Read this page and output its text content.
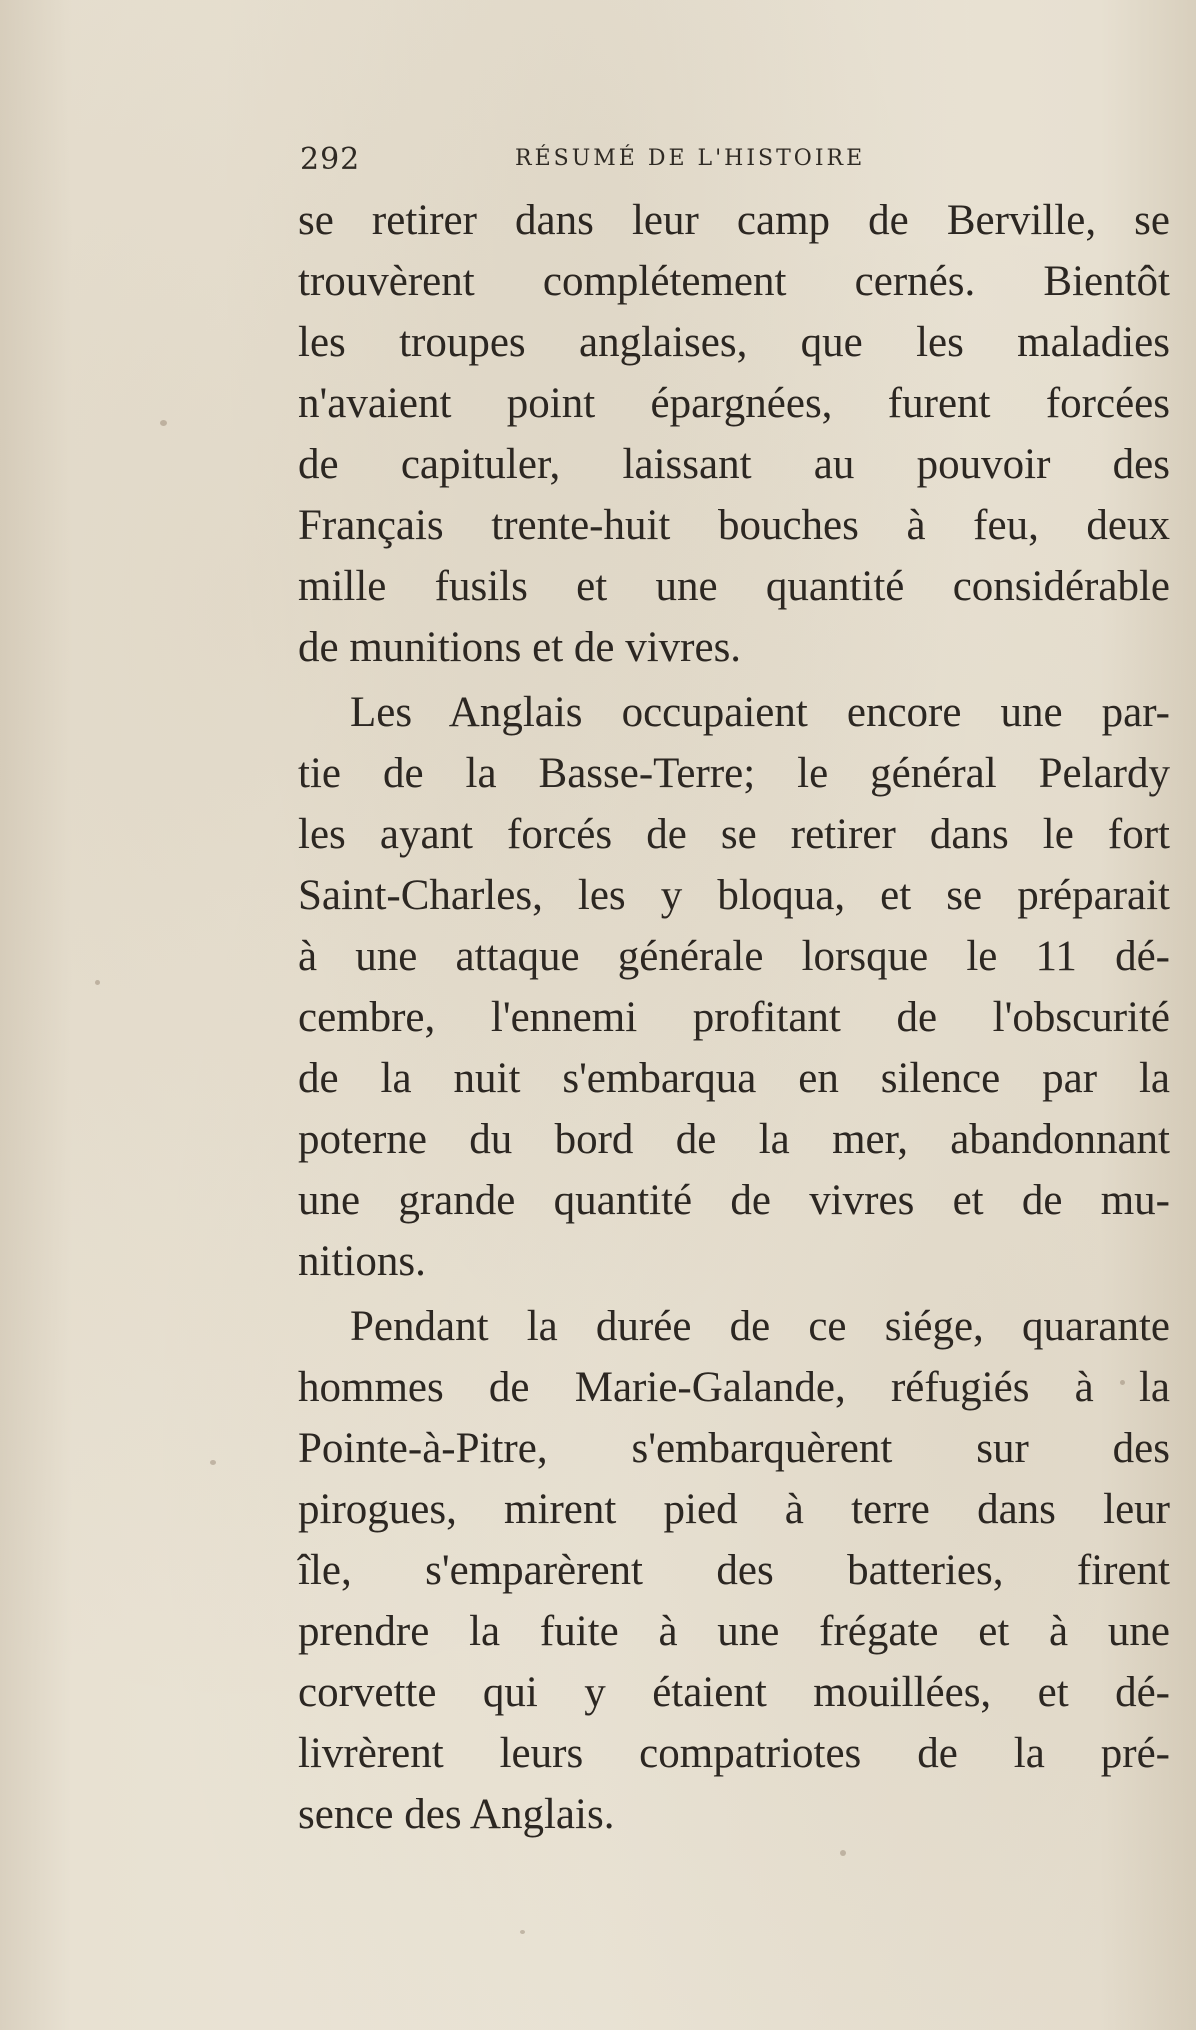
292	RÉSUMÉ DE L'HISTOIRE
se retirer dans leur camp de Berville, se
trouvèrent complétement cernés. Bientôt
les troupes anglaises, que les maladies
n'avaient point épargnées, furent forcées
de capituler, laissant au pouvoir des
Français trente-huit bouches à feu, deux
mille fusils et une quantité considérable
de munitions et de vivres.
Les Anglais occupaient encore une par-
tie de la Basse-Terre; le général Pelardy
les ayant forcés de se retirer dans le fort
Saint-Charles, les y bloqua, et se préparait
à une attaque générale lorsque le 11 dé-
cembre, l'ennemi profitant de l'obscurité
de la nuit s'embarqua en silence par la
poterne du bord de la mer, abandonnant
une grande quantité de vivres et de mu-
nitions.
Pendant la durée de ce siége, quarante
hommes de Marie-Galande, réfugiés à la
Pointe-à-Pitre, s'embarquèrent sur des
pirogues, mirent pied à terre dans leur
île, s'emparèrent des batteries, firent
prendre la fuite à une frégate et à une
corvette qui y étaient mouillées, et dé-
livrèrent leurs compatriotes de la pré-
sence des Anglais.
